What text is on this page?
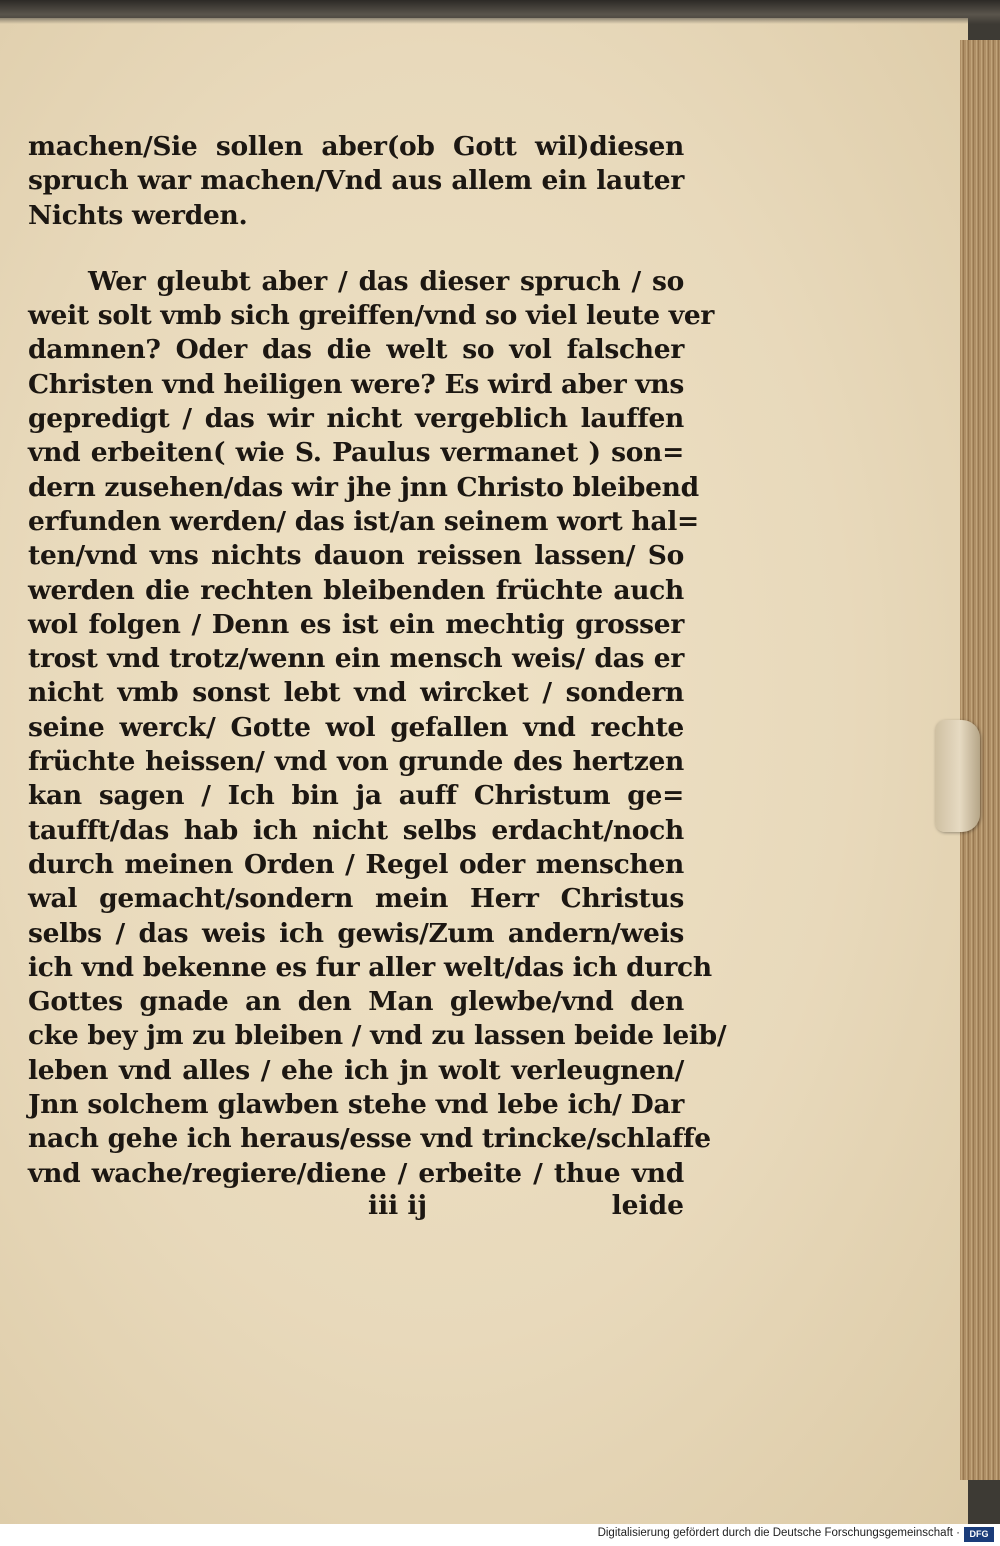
machen/Sie sollen aber(ob Gott wil)diesen
spruch war machen/Vnd aus allem ein lauter
Nichts werden.
Wer gleubt aber / das dieser spruch / so
weit solt vmb sich greiffen/vnd so viel leute ver
damnen? Oder das die welt so vol falscher
Christen vnd heiligen were? Es wird aber vns
gepredigt / das wir nicht vergeblich lauffen
vnd erbeiten( wie S. Paulus vermanet ) son=
dern zusehen/das wir jhe jnn Christo bleibend
erfunden werden/ das ist/an seinem wort hal=
ten/vnd vns nichts dauon reissen lassen/ So
werden die rechten bleibenden früchte auch
wol folgen / Denn es ist ein mechtig grosser
trost vnd trotz/wenn ein mensch weis/ das er
nicht vmb sonst lebt vnd wircket / sondern
seine werck/ Gotte wol gefallen vnd rechte
früchte heissen/ vnd von grunde des hertzen
kan sagen / Ich bin ja auff Christum ge=
taufft/das hab ich nicht selbs erdacht/noch
durch meinen Orden / Regel oder menschen
wal gemacht/sondern mein Herr Christus
selbs / das weis ich gewis/Zum andern/weis
ich vnd bekenne es fur aller welt/das ich durch
Gottes gnade an den Man glewbe/vnd den
cke bey jm zu bleiben / vnd zu lassen beide leib/
leben vnd alles / ehe ich jn wolt verleugnen/
Jnn solchem glawben stehe vnd lebe ich/ Dar
nach gehe ich heraus/esse vnd trincke/schlaffe
vnd wache/regiere/diene / erbeite / thue vnd
iii ij	leide
Digitalisierung gefördert durch die Deutsche Forschungsgemeinschaft ·	DFG
